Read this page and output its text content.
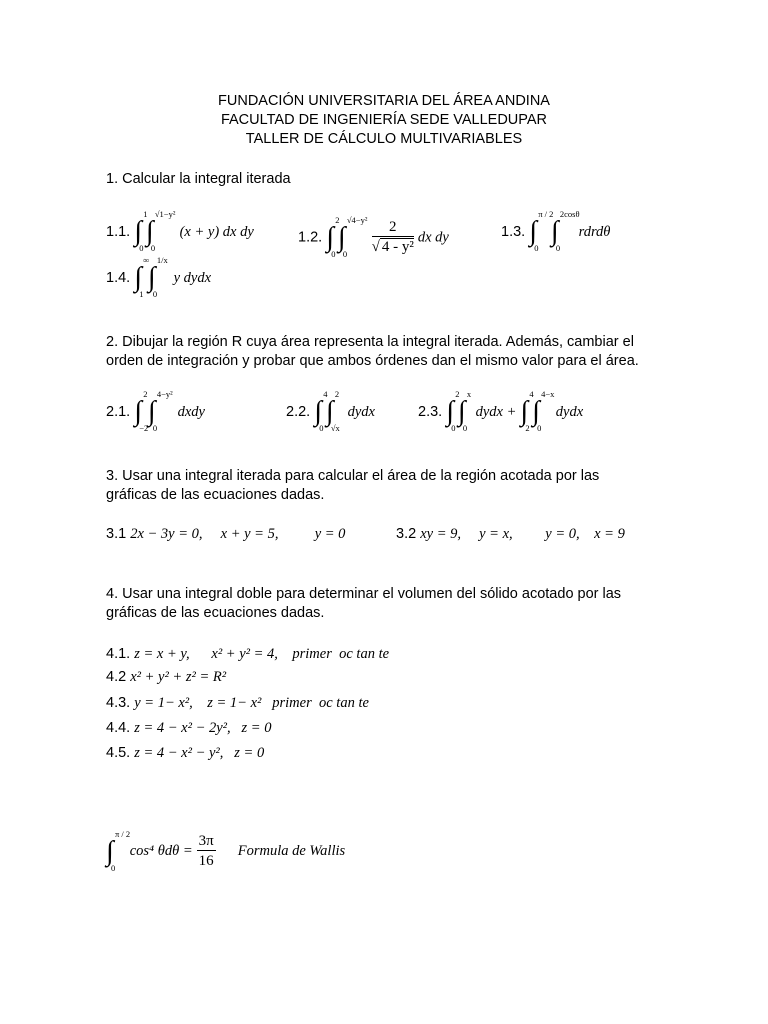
FUNDACIÓN UNIVERSITARIA DEL ÁREA ANDINA
FACULTAD DE INGENIERÍA SEDE VALLEDUPAR
TALLER DE CÁLCULO MULTIVARIABLES
1. Calcular la integral iterada
1.1. ∫
1
0
∫
√1−y²
0
(x + y) dx dy	1.2. ∫
2
0
∫
√4−y²
0
$\frac{2}{\text{√ 4 - y²}}$ dx dy	1.3. ∫
π / 2
0
∫
2cosθ
0
rdrdθ
1.4. ∫
∞
1
∫
1/x
0
y dydx
2. Dibujar la región R cuya área representa la integral iterada. Además, cambiar el
orden de integración y probar que ambos órdenes dan el mismo valor para el área.
2.1. ∫
2
−2
∫
4−y²
0
dxdy	2.2. ∫
4
0
∫
2
√x
dydx	2.3. ∫
2
0
∫
x
0
dydx + ∫
4
2
∫
4−x
0
dydx
3. Usar una integral iterada para calcular el área de la región acotada por las
gráficas de las ecuaciones dadas.
3.1 2x − 3y = 0,     x + y = 5,          y = 0	3.2 xy = 9,     y = x,         y = 0,    x = 9
4. Usar una integral doble para determinar el volumen del sólido acotado por las
gráficas de las ecuaciones dadas.
4.1. z = x + y,      x² + y² = 4,    primer  oc tan te
4.2 x² + y² + z² = R²
4.3. y = 1− x²,    z = 1− x²   primer  oc tan te
4.4. z = 4 − x² − 2y²,   z = 0
4.5. z = 4 − x² − y²,   z = 0
∫
π / 2
0
cos⁴ $\theta d\theta = \frac{3\pi}{16}$ Formula de Wallis
